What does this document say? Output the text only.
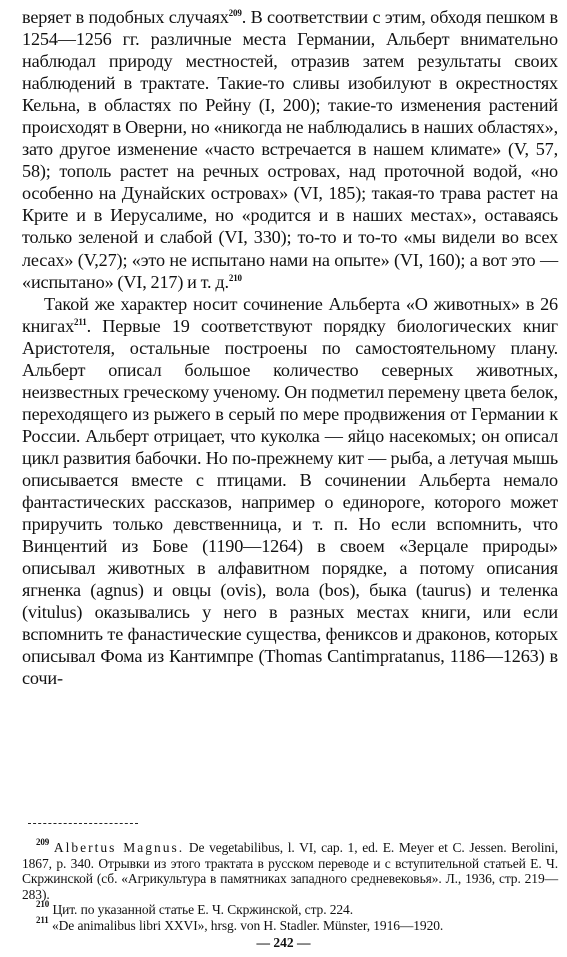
веряет в подобных случаях$^{209}$. В соответствии с этим, обходя пешком в 1254—1256 гг. различные места Германии, Альберт внимательно наблюдал природу местностей, отразив затем результаты своих наблюдений в трактате. Такие-то сливы изобилуют в окрестностях Кельна, в областях по Рейну (I, 200); такие-то изменения растений происходят в Оверни, но «никогда не наблюдались в наших областях», зато другое изменение «часто встречается в нашем климате» (V, 57, 58); тополь растет на речных островах, над проточной водой, «но особенно на Дунайских островах» (VI, 185); такая-то трава растет на Крите и в Иерусалиме, но «родится и в наших местах», оставаясь только зеленой и слабой (VI, 330); то-то и то-то «мы видели во всех лесах» (V,27); «это не испытано нами на опыте» (VI, 160); а вот это — «испытано» (VI, 217) и т. д.$^{210}$

Такой же характер носит сочинение Альберта «О животных» в 26 книгах$^{211}$. Первые 19 соответствуют порядку биологических книг Аристотеля, остальные построены по самостоятельному плану. Альберт описал большое количество северных животных, неизвестных греческому ученому. Он подметил перемену цвета белок, переходящего из рыжего в серый по мере продвижения от Германии к России. Альберт отрицает, что куколка — яйцо насекомых; он описал цикл развития бабочки. Но по-прежнему кит — рыба, а летучая мышь описывается вместе с птицами. В сочинении Альберта немало фантастических рассказов, например о единороге, которого может приручить только девственница, и т. п. Но если вспомнить, что Винцентий из Бове (1190—1264) в своем «Зерцале природы» описывал животных в алфавитном порядке, а потому описания ягненка (agnus) и овцы (ovis), вола (bos), быка (taurus) и теленка (vitulus) оказывались у него в разных местах книги, или если вспомнить те фанастические существа, фениксов и драконов, которых описывал Фома из Кантимпре (Thomas Cantimpratanus, 1186—1263) в сочи-

$^{209}$ Albertus Magnus. De vegetabilibus, l. VI, cap. 1, ed. E. Meyer et C. Jessen. Berolini, 1867, p. 340. Отрывки из этого трактата в русском переводе и с вступительной статьей Е. Ч. Скржинской (сб. «Агрикультура в памятниках западного средневековья». Л., 1936, стр. 219—283).

$^{210}$ Цит. по указанной статье Е. Ч. Скржинской, стр. 224.

$^{211}$ «De animalibus libri XXVI», hrsg. von H. Stadler. Münster, 1916—1920.

— 242 —
